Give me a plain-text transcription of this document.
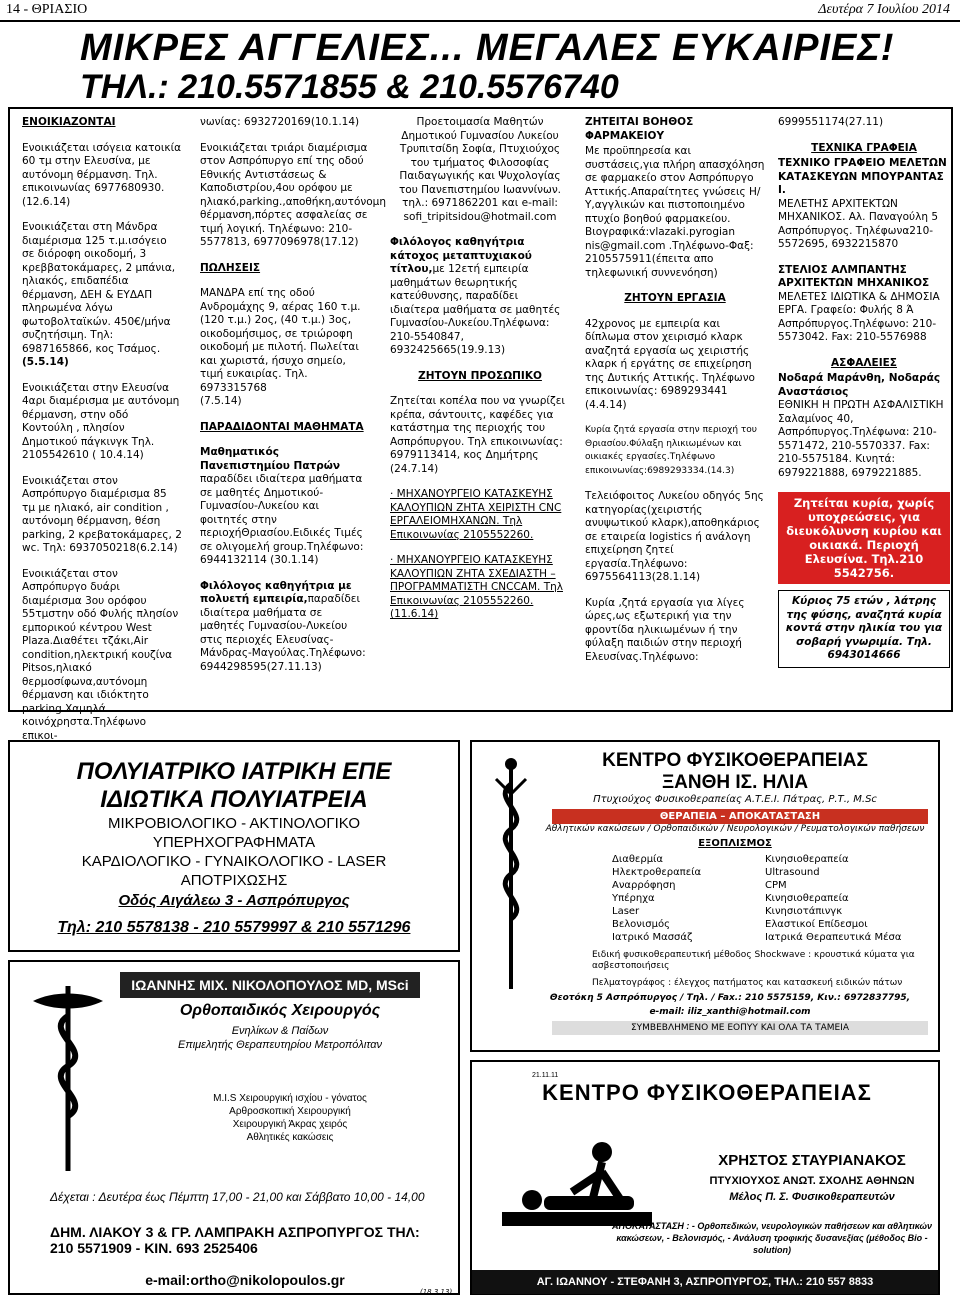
14 - ΘΡΙΑΣΙΟ	Δευτέρα 7 Ιουλίου 2014
ΜΙΚΡΕΣ ΑΓΓΕΛΙΕΣ... ΜΕΓΑΛΕΣ ΕΥΚΑΙΡΙΕΣ!
ΤΗΛ.: 210.5571855 & 210.5576740

ΕΝΟΙΚΙΑΖΟΝΤΑΙ

Ενοικιάζεται ισόγεια κατοικία 60 τμ στην Ελευσίνα, με αυτόνομη θέρμανση. Τηλ. επικοινωνίας 6977680930. (12.6.14)

Ενοικιάζεται στη Μάνδρα διαμέρισμα 125 τ.μ.ισόγειο σε διόροφη οικοδομή, 3 κρεββατοκάμαρες, 2 μπάνια, ηλιακός, επιδαπέδια θέρμανση, ΔΕΗ & ΕΥΔΑΠ πληρωμένα λόγω φωτοβολταϊκών. 450€/μήνα συζητήσιμη. Τηλ: 6987165866, κος Τσάμος.
(5.5.14)

Ενοικιάζεται στην Ελευσίνα 4αρι διαμέρισμα με αυτόνομη θέρμανση, στην οδό Κοντούλη , πλησίον Δημοτικού πάγκινγκ Τηλ. 2105542610 ( 10.4.14)

Ενοικιάζεται στον Ασπρόπυργο διαμέρισμα 85 τμ με ηλιακό, air condition , αυτόνομη θέρμανση, θέση parking, 2 κρεβατοκάμαρες, 2 wc. Τηλ: 6937050218(6.2.14)

Ενοικιάζεται στον Ασπρόπυργο δυάρι διαμέρισμα 3ου ορόφου 55τμστην οδό Φυλής πλησίον εμπορικού κέντρου West Plaza.Διαθέτει τζάκι,Air condition,ηλεκτρική κουζίνα Pitsos,ηλιακό θερμοσίφωνα,αυτόνομη θέρμανση και ιδιόκτητο parking.Χαμηλά κοινόχρηστα.Τηλέφωνο επικοι-

νωνίας: 6932720169(10.1.14)

Ενοικιάζεται τριάρι διαμέρισμα στον Ασπρόπυργο επί της οδού Εθνικής Αντιστάσεως & Καποδιστρίου,4ου ορόφου με ηλιακό,parking.,αποθήκη,αυτόνομη θέρμανση,πόρτες ασφαλείας σε τιμή λογική. Τηλέφωνο: 210-5577813, 6977096978(17.12)

ΠΩΛΗΣΕΙΣ

ΜΑΝΔΡΑ επί της οδού Ανδρομάχης 9, αέρας 160 τ.μ. (120 τ.μ.) 2ος, (40 τ.μ.) 3ος, οικοδομήσιμος, σε τριώροφη οικοδομή με πιλοτή. Πωλείται και χωριστά, ήσυχο σημείο, τιμή ευκαιρίας. Τηλ. 6973315768
(7.5.14)

ΠΑΡΑΔΙΔΟΝΤΑΙ ΜΑΘΗΜΑΤΑ

Μαθηματικός Πανεπιστημίου Πατρών παραδίδει ιδιαίτερα μαθήματα σε μαθητές Δημοτικού-Γυμνασίου-Λυκείου και φοιτητές στην περιοχήΘριασίου.Ειδικές Τιμές σε ολιγομελή group.Τηλέφωνο: 6944132114 (30.1.14)

Φιλόλογος καθηγήτρια με πολυετή εμπειρία,παραδίδει ιδιαίτερα μαθήματα σε μαθητές Γυμνασίου-Λυκείου στις περιοχές Ελευσίνας-Μάνδρας-Μαγούλας.Τηλέφωνο: 6944298595(27.11.13)

Προετοιμασία Μαθητών Δημοτικού Γυμνασίου Λυκείου Τρυπιτσίδη Σοφία, Πτυχιούχος του τμήματος Φιλοσοφίας Παιδαγωγικής και Ψυχολογίας του Πανεπιστημίου Ιωαννίνων. τηλ.: 6971862201 και e-mail: sofi_tripitsidou@hotmail.com

Φιλόλογος καθηγήτρια κάτοχος μεταπτυχιακού τίτλου,με 12ετή εμπειρία μαθημάτων θεωρητικής κατεύθυνσης, παραδίδει ιδιαίτερα μαθήματα σε μαθητές Γυμνασίου-Λυκείου.Τηλέφωνα: 210-5540847, 6932425665(19.9.13)

ΖΗΤΟΥΝ ΠΡΟΣΩΠΙΚΟ

Ζητείται κοπέλα που να γνωρίζει κρέπα, σάντουιτς, καφέδες για κατάστημα της περιοχής του Ασπρόπυργου. Τηλ επικοινωνίας: 6979113414, κος Δημήτρης (24.7.14)

· ΜΗΧΑΝΟΥΡΓΕΙΟ ΚΑΤΑΣΚΕΥΗΣ ΚΑΛΟΥΠΙΩΝ ΖΗΤΑ ΧΕΙΡΙΣΤΗ CNC ΕΡΓΑΛΕΙΟΜΗΧΑΝΩΝ. Τηλ Επικοινωνίας 2105552260.

· ΜΗΧΑΝΟΥΡΓΕΙΟ ΚΑΤΑΣΚΕΥΗΣ ΚΑΛΟΥΠΙΩΝ ΖΗΤΑ ΣΧΕΔΙΑΣΤΗ – ΠΡΟΓΡΑΜΜΑΤΙΣΤΗ CNCCAM. Τηλ Επικοινωνίας 2105552260.(11.6.14)

ΖΗΤΕΙΤΑΙ ΒΟΗΘΟΣ ΦΑΡΜΑΚΕΙΟΥ

Με προϋπηρεσία και συστάσεις,για πλήρη απασχόληση σε φαρμακείο στον Ασπρόπυργο Αττικής.Απαραίτητες γνώσεις Η/Υ,αγγλικών και πιστοποιημένο πτυχίο βοηθού φαρμακείου. Βιογραφικά:vlazaki.pyrogian nis@gmail.com .Τηλέφωνο-Φαξ: 2105575911(έπειτα απο τηλεφωνική συννενόηση)

ΖΗΤΟΥΝ ΕΡΓΑΣΙΑ

42χρονος με εμπειρία και δίπλωμα στον χειρισμό κλαρκ αναζητά εργασία ως χειριστής κλαρκ ή εργάτης σε επιχείρηση της Δυτικής Αττικής. Τηλέφωνο επικοινωνίας: 6989293441 (4.4.14)

Κυρία ζητά εργασία στην περιοχή του Θριασίου.Φύλαξη ηλικιωμένων και οικιακές εργασίες.Τηλέφωνο επικοινωνίας:6989293334.(14.3)

Τελειόφοιτος Λυκείου οδηγός 5ης κατηγορίας(χειριστής ανυψωτικού κλαρκ),αποθηκάριος σε εταιρεία logistics ή ανάλογη επιχείρηση ζητεί εργασία.Τηλέφωνο: 6975564113(28.1.14)

Κυρία ,ζητά εργασία για λίγες ώρες,ως εξωτερική για την φροντίδα ηλικιωμένων ή την φύλαξη παιδιών στην περιοχή Ελευσίνας.Τηλέφωνο:

6999551174(27.11)

ΤΕΧΝΙΚΑ ΓΡΑΦΕΙΑ

ΤΕΧΝΙΚΟ ΓΡΑΦΕΙΟ ΜΕΛΕΤΩΝ ΚΑΤΑΣΚΕΥΩΝ ΜΠΟΥΡΑΝΤΑΣ Ι.
ΜΕΛΕΤΗΣ ΑΡΧΙΤΕΚΤΩΝ ΜΗΧΑΝΙΚΟΣ. Αλ. Παναγούλη 5 Ασπρόπυργος. Τηλέφωνα210-5572695, 6932215870

ΣΤΕΛΙΟΣ ΑΛΜΠΑΝΤΗΣ ΑΡΧΙΤΕΚΤΩΝ ΜΗΧΑΝΙΚΟΣ
ΜΕΛΕΤΕΣ ΙΔΙΩΤΙΚΑ & ΔΗΜΟΣΙΑ ΕΡΓΑ. Γραφείο: Φυλής 8 Ά Ασπρόπυργος.Τηλέφωνο: 210-5573042. Fax: 210-5576988

ΑΣΦΑΛΕΙΕΣ

Νοδαρά Μαράνθη, Νοδαράς Αναστάσιος
ΕΘΝΙΚΗ Η ΠΡΩΤΗ ΑΣΦΑΛΙΣΤΙΚΗ Σαλαμίνος 40, Ασπρόπυργος.Τηλέφωνα: 210-5571472, 210-5570337. Fax: 210-5575184. Κινητά: 6979221888, 6979221885.

Ζητείται κυρία, χωρίς υποχρεώσεις, για διευκόλυνση κυρίου και οικιακά. Περιοχή Ελευσίνα. Τηλ.210 5542756.
Κύριος 75 ετών , λάτρης της φύσης, αναζητά κυρία κοντά στην ηλικία του για σοβαρή γνωριμία. Τηλ. 6943014666
ΠΟΛΥΙΑΤΡΙΚΟ ΙΑΤΡΙΚΗ ΕΠΕ
ΙΔΙΩΤΙΚΑ ΠΟΛΥΙΑΤΡΕΙΑ
ΜΙΚΡΟΒΙΟΛΟΓΙΚΟ - ΑΚΤΙΝΟΛΟΓΙΚΟ
ΥΠΕΡΗΧΟΓΡΑΦΗΜΑΤΑ
ΚΑΡΔΙΟΛΟΓΙΚΟ - ΓΥΝΑΙΚΟΛΟΓΙΚΟ - LASER
ΑΠΟΤΡΙΧΩΣΗΣ
Οδός Αιγάλεω 3 - Ασπρόπυργος
Τηλ: 210 5578138 - 210 5579997 & 210 5571296
ΚΕΝΤΡΟ ΦΥΣΙΚΟΘΕΡΑΠΕΙΑΣ
ΞΑΝΘΗ ΙΣ. ΗΛΙΑ
Πτυχιούχος Φυσικοθεραπείας Α.Τ.Ε.Ι. Πάτρας, Ρ.Τ., M.Sc
ΘΕΡΑΠΕΙΑ – ΑΠΟΚΑΤΑΣΤΑΣΗ
Αθλητικών κακώσεων / Ορθοπαιδικών / Νευρολογικών / Ρευματολογικών παθήσεων
ΕΞΟΠΛΙΣΜΟΣ
Διαθερμία	Κινησιοθεραπεία
Ηλεκτροθεραπεία	Ultrasound
Αναρρόφηση	CPM
Υπέρηχα	Κινησιοθεραπεία
Laser	Κινησιοτάπινγκ
Βελονισμός	Ελαστικοί Επίδεσμοι
Ιατρικό Μασσάζ	Ιατρικά Θεραπευτικά Μέσα
Ειδική φυσικοθεραπευτική μέθοδος Shockwave : κρουστικά κύματα για ασβεστοποιήσεις
Πελματογράφος : έλεγχος πατήματος και κατασκευή ειδικών πάτων
Θεοτόκη 5 Ασπρόπυργος / Τηλ. / Fax.: 210 5575159, Κιν.: 6972837795,
e-mail: iliz_xanthi@hotmail.com
ΣΥΜΒΕΒΛΗΜΕΝΟ ΜΕ ΕΟΠΥΥ ΚΑΙ ΟΛΑ ΤΑ ΤΑΜΕΙΑ
ΙΩΑΝΝΗΣ ΜΙΧ. ΝΙΚΟΛΟΠΟΥΛΟΣ MD, MSci
Ορθοπαιδικός Χειρουργός
Ενηλίκων & Παίδων
Επιμελητής Θεραπευτηρίου Μετροπόλιταν
M.I.S Χειρουργική ισχίου - γόνατος
Αρθροσκοπική Χειρουργική
Χειρουργική Άκρας χειρός
Αθλητικές κακώσεις
Δέχεται : Δευτέρα έως Πέμπτη 17,00 - 21,00 και Σάββατο 10,00 - 14,00
ΔΗΜ. ΛΙΑΚΟΥ 3 & ΓΡ. ΛΑΜΠΡΑΚΗ ΑΣΠΡΟΠΥΡΓΟΣ ΤΗΛ: 210 5571909 - ΚΙΝ. 693 2525406
e-mail:ortho@nikolopoulos.gr
21.11.11
ΚΕΝΤΡΟ ΦΥΣΙΚΟΘΕΡΑΠΕΙΑΣ
ΧΡΗΣΤΟΣ ΣΤΑΥΡΙΑΝΑΚΟΣ
ΠΤΥΧΙΟΥΧΟΣ ΑΝΩΤ. ΣΧΟΛΗΣ ΑΘΗΝΩΝ
Μέλος Π. Σ. Φυσικοθεραπευτών
ΑΠΟΚΑΤΑΣΤΑΣΗ : - Ορθοπεδικών, νευρολογικών παθήσεων και αθλητικών κακώσεων, - Βελονισμός, - Ανάλυση τροφικής δυσανεξίας (μέθοδος Bio -solution)
ΑΓ. ΙΩΑΝΝΟΥ - ΣΤΕΦΑΝΗ 3, ΑΣΠΡΟΠΥΡΓΟΣ, ΤΗΛ.: 210 557 8833
(18.3.13)
